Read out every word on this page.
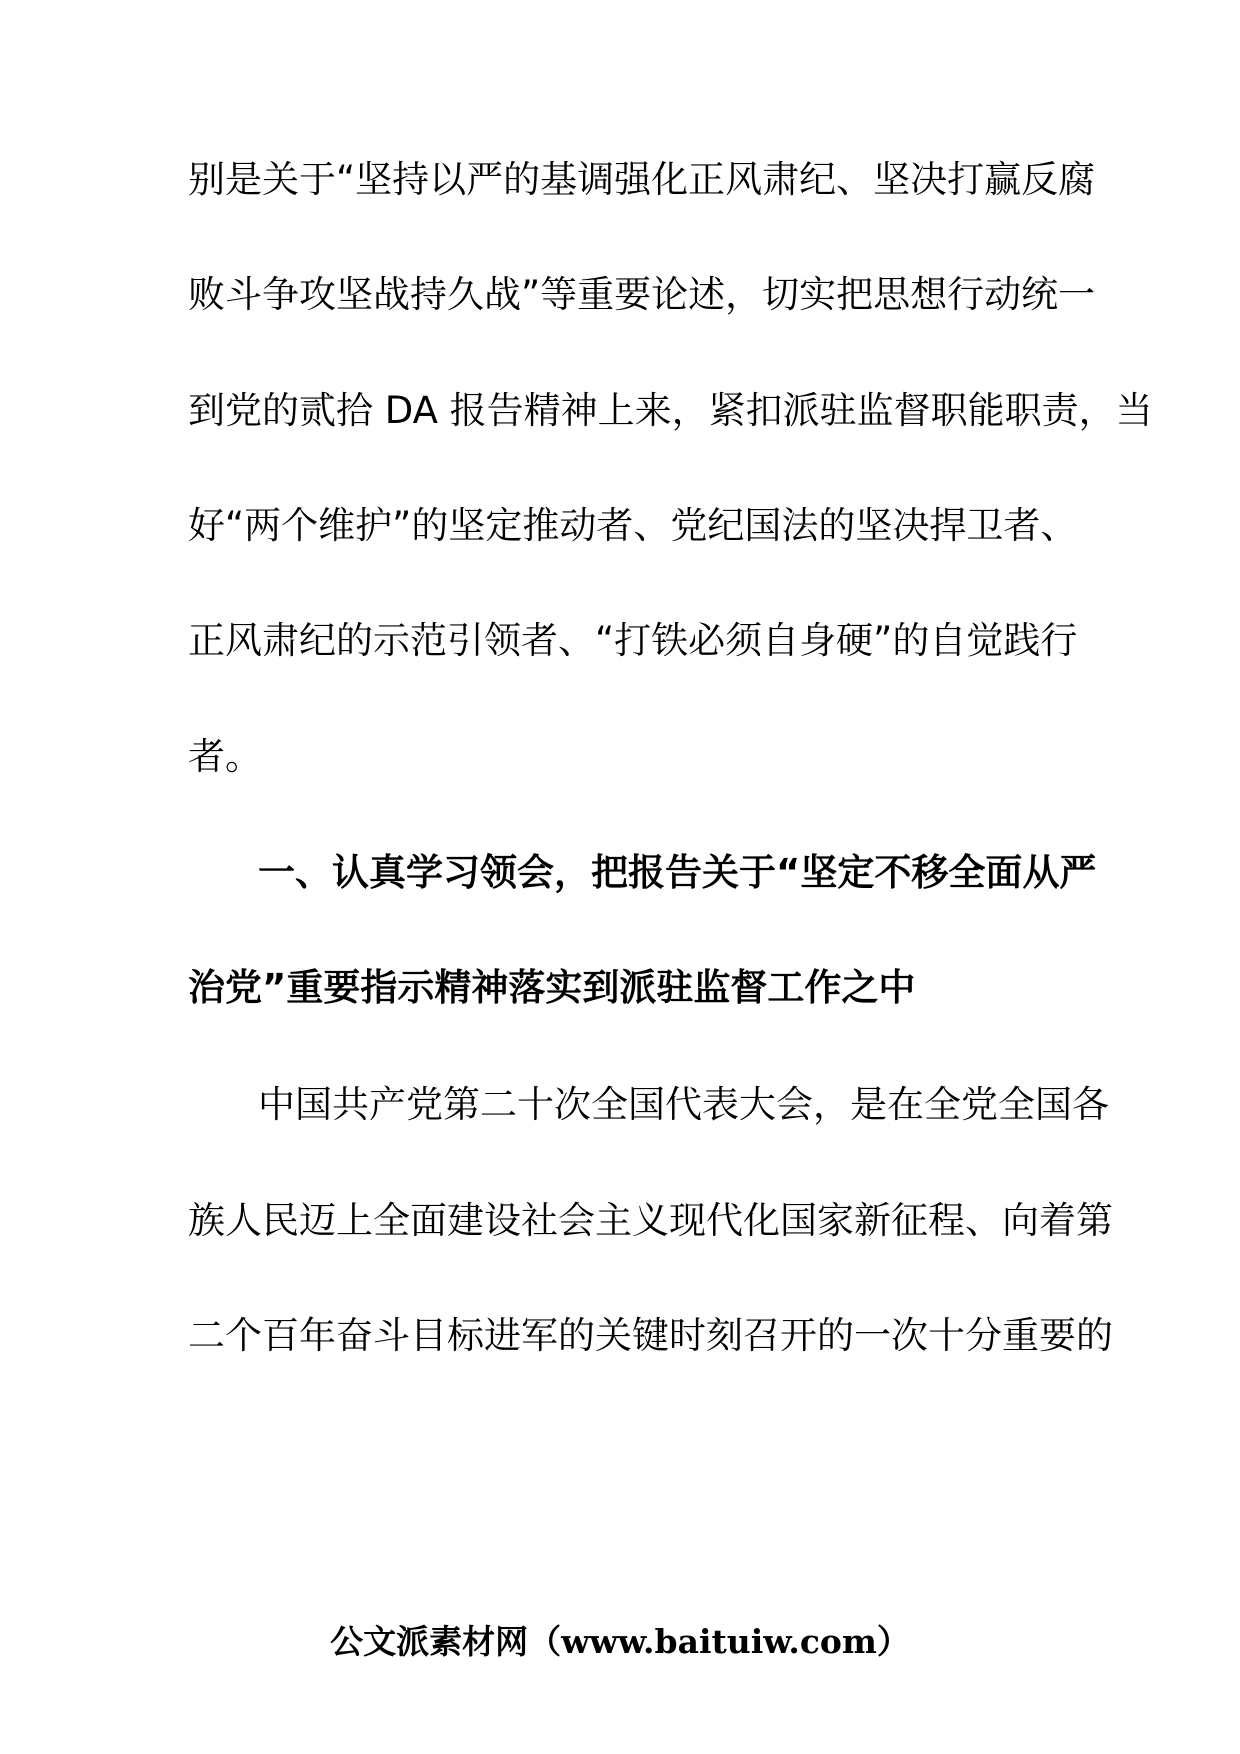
别是关于“坚持以严的基调强化正风肃纪、坚决打赢反腐
败斗争攻坚战持久战”等重要论述，切实把思想行动统一
到党的贰拾 DA 报告精神上来，紧扣派驻监督职能职责，当
好“两个维护”的坚定推动者、党纪国法的坚决捍卫者、
正风肃纪的示范引领者、“打铁必须自身硬”的自觉践行
者。
一、认真学习领会，把报告关于“坚定不移全面从严
治党”重要指示精神落实到派驻监督工作之中
中国共产党第二十次全国代表大会，是在全党全国各
族人民迈上全面建设社会主义现代化国家新征程、向着第
二个百年奋斗目标进军的关键时刻召开的一次十分重要的
公文派素材网（www.baituiw.com）
